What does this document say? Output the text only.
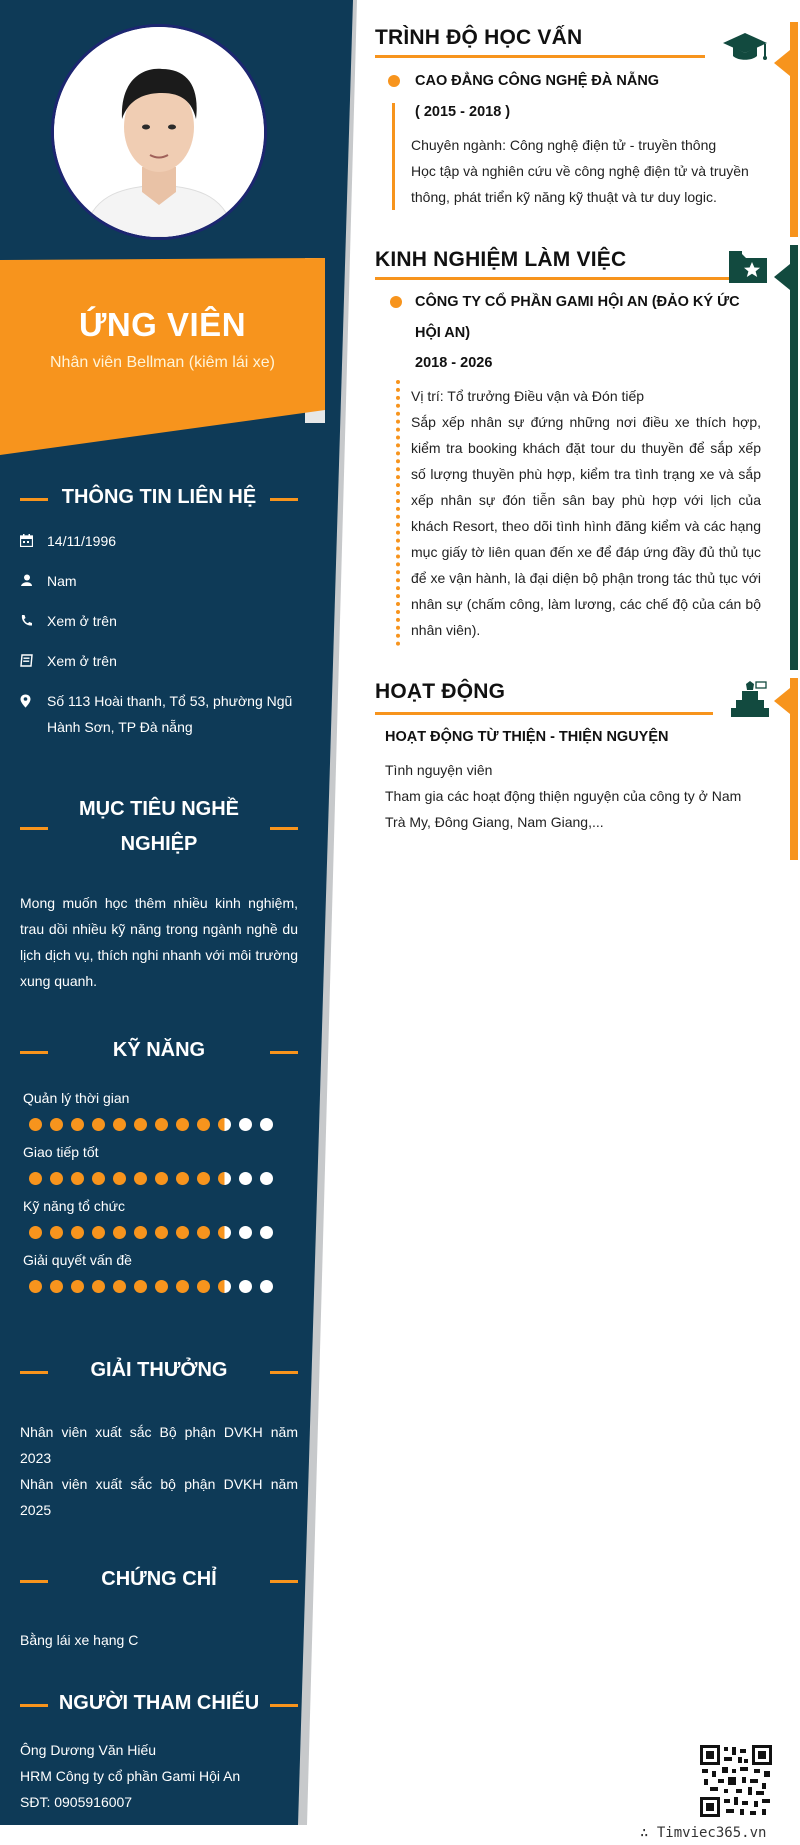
ỨNG VIÊN
Nhân viên Bellman (kiêm lái xe)
THÔNG TIN LIÊN HỆ
14/11/1996
Nam
Xem ở trên
Xem ở trên
Số 113 Hoài thanh, Tổ 53, phường Ngũ Hành Sơn, TP Đà nẵng
MỤC TIÊU NGHỀ NGHIỆP
Mong muốn học thêm nhiều kinh nghiệm, trau dồi nhiều kỹ năng trong ngành nghề du lịch dịch vụ, thích nghi nhanh với môi trường xung quanh.
KỸ NĂNG
Quản lý thời gian
Giao tiếp tốt
Kỹ năng tổ chức
Giải quyết vấn đề
GIẢI THƯỞNG
Nhân viên xuất sắc Bộ phận DVKH năm 2023
Nhân viên xuất sắc bộ phận DVKH năm 2025
CHỨNG CHỈ
Bằng lái xe hạng C
NGƯỜI THAM CHIẾU
Ông Dương Văn Hiếu
HRM Công ty cổ phần Gami Hội An
SĐT: 0905916007
TRÌNH ĐỘ HỌC VẤN
CAO ĐẲNG CÔNG NGHỆ ĐÀ NẴNG
( 2015 - 2018 )
Chuyên ngành: Công nghệ điện tử - truyền thông
Học tập và nghiên cứu về công nghệ điện tử và truyền thông, phát triển kỹ năng kỹ thuật và tư duy logic.
KINH NGHIỆM LÀM VIỆC
CÔNG TY CỔ PHẦN GAMI HỘI AN (ĐẢO KÝ ỨC HỘI AN)
2018 - 2026
Vị trí: Tổ trưởng Điều vận và Đón tiếp
Sắp xếp nhân sự đứng những nơi điều xe thích hợp, kiểm tra booking khách đặt tour du thuyền để sắp xếp số lượng thuyền phù hợp, kiểm tra tình trạng xe và sắp xếp nhân sự đón tiễn sân bay phù hợp với lịch của khách Resort, theo dõi tình hình đăng kiểm và các hạng mục giấy tờ liên quan đến xe để đáp ứng đầy đủ thủ tục để xe vận hành, là đại diện bộ phận trong tác thủ tục với nhân sự (chấm công, làm lương, các chế độ của cán bộ nhân viên).
HOẠT ĐỘNG
HOẠT ĐỘNG TỪ THIỆN - THIỆN NGUYỆN
Tình nguyện viên
Tham gia các hoạt động thiện nguyện của công ty ở Nam Trà My, Đông Giang, Nam Giang,...
∴ Timviec365.vn
